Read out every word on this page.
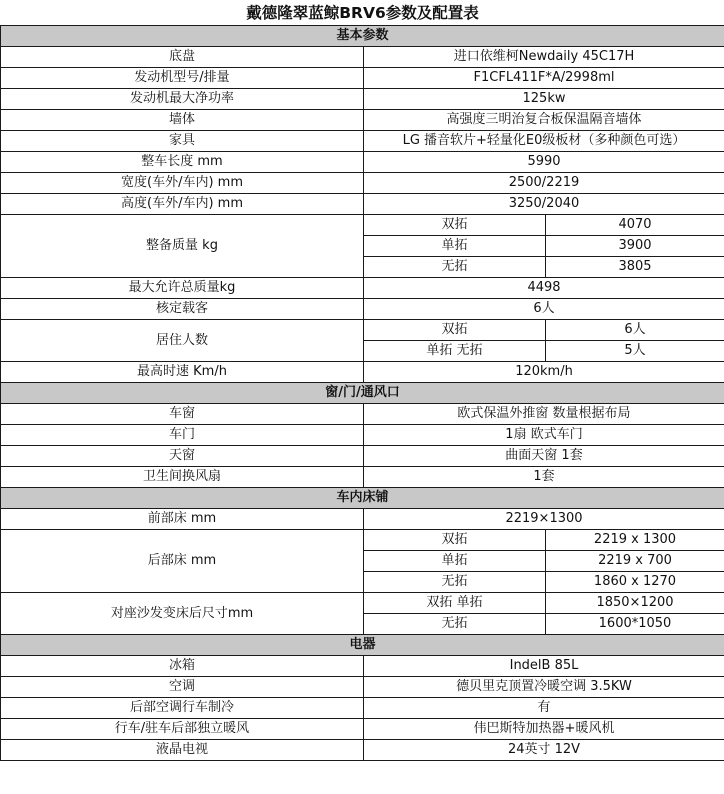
戴德隆翠蓝鲸BRV6参数及配置表		
基本参数		
底盘	进口依维柯Newdaily 45C17H	
发动机型号/排量	F1CFL411F*A/2998ml	
发动机最大净功率	125kw	
墙体	高强度三明治复合板保温隔音墙体	
家具	LG 播音软片+轻量化E0级板材（多种颜色可选）	
整车长度 mm	5990	
宽度(车外/车内) mm	2500/2219	
高度(车外/车内) mm	3250/2040	
整备质量 kg	双拓	4070
	单拓	3900
	无拓	3805
最大允许总质量kg	4498	
核定载客	6人	
居住人数	双拓	6人
	单拓 无拓	5人
最高时速 Km/h	120km/h	
窗/门/通风口		
车窗	欧式保温外推窗 数量根据布局	
车门	1扇 欧式车门	
天窗	曲面天窗 1套	
卫生间换风扇	1套	
车内床铺		
前部床 mm	2219×1300	
后部床 mm	双拓	2219 x 1300
	单拓	2219 x 700
	无拓	1860 x 1270
对座沙发变床后尺寸mm	双拓 单拓	1850×1200
	无拓	1600*1050
电器		
冰箱	IndelB 85L	
空调	德贝里克顶置冷暖空调 3.5KW	
后部空调行车制冷	有	
行车/驻车后部独立暖风	伟巴斯特加热器+暖风机	
液晶电视	24英寸 12V	
